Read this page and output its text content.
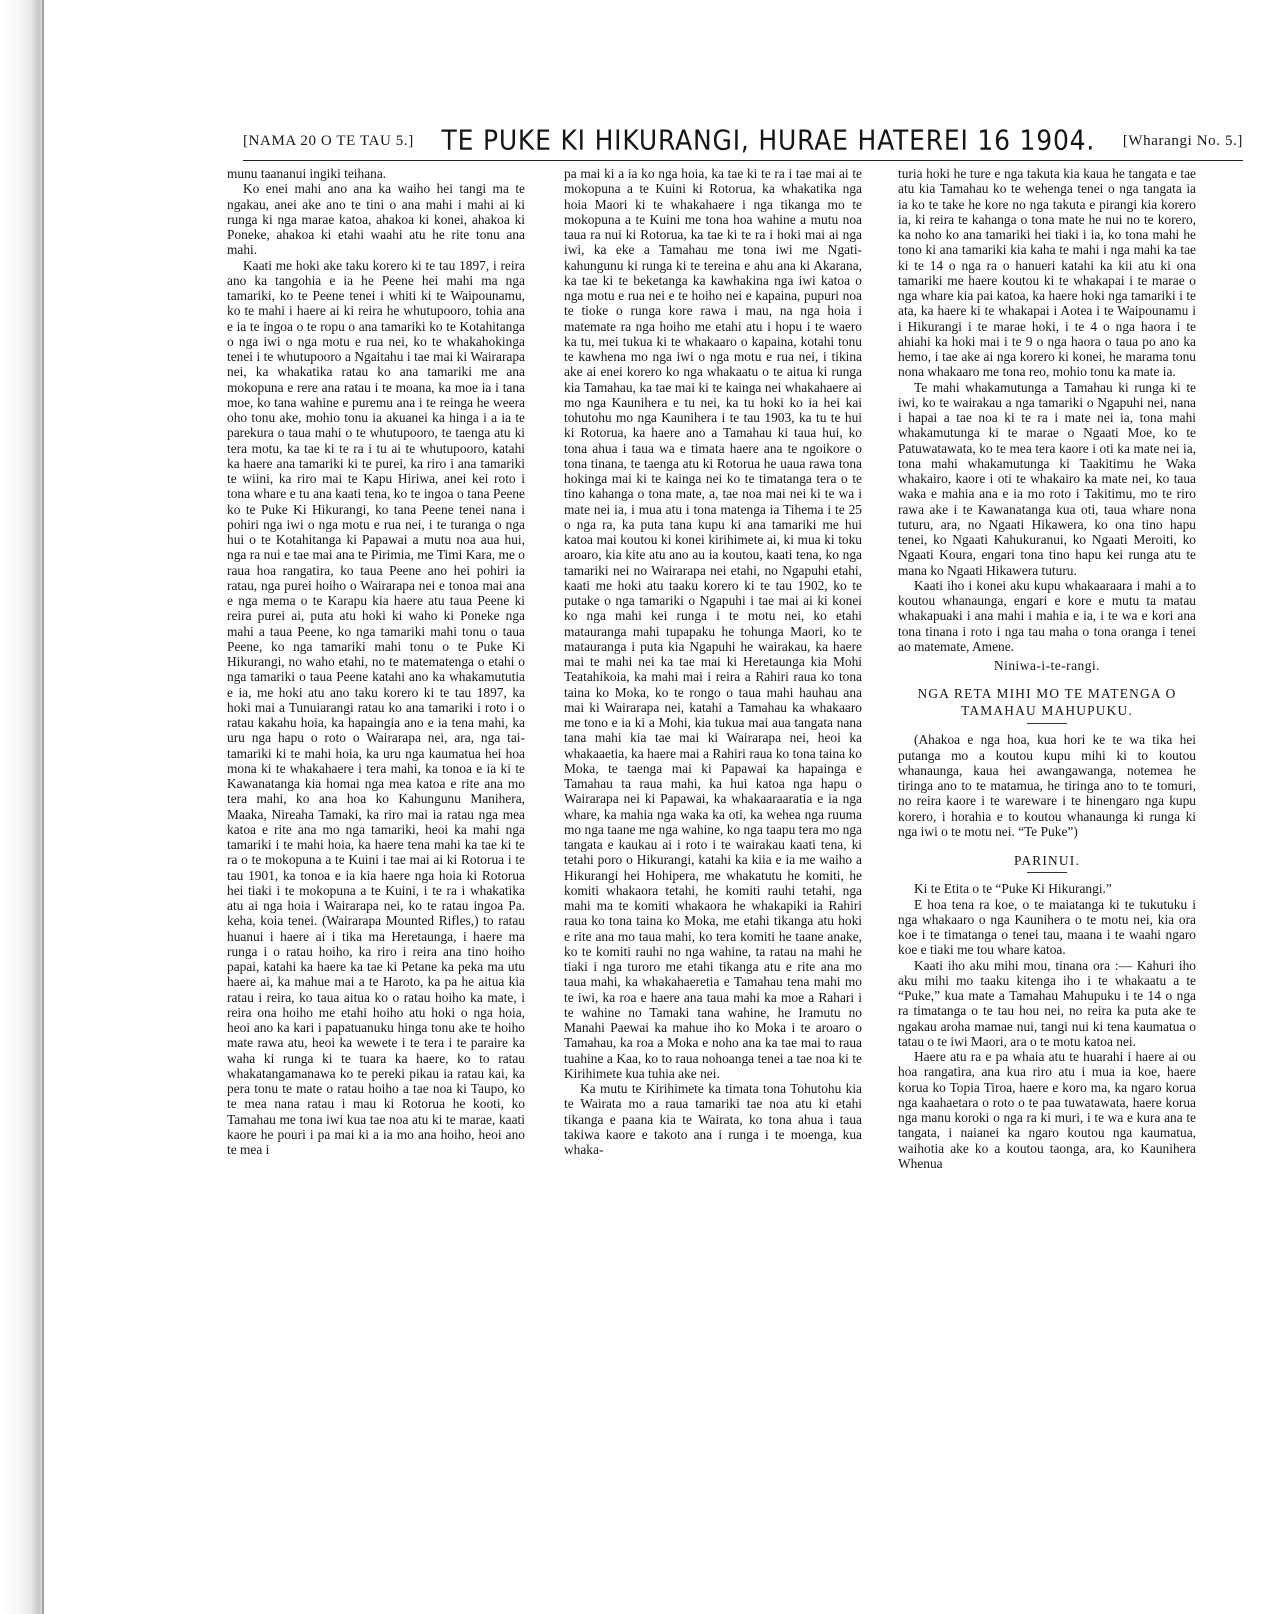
[NAMA 20 O TE TAU 5.] TE PUKE KI HIKURANGI, HURAE HATEREI 16 1904. [Wharangi No. 5.]

munu taananui ingiki teihana.

Ko enei mahi ano ana ka waiho hei tangi ma te ngakau, anei ake ano te tini o ana mahi i mahi ai ki runga ki nga marae katoa, ahakoa ki konei, ahakoa ki Poneke, ahakoa ki etahi waahi atu he rite tonu ana mahi.

Kaati me hoki ake taku korero ki te tau 1897, i reira ano ka tangohia e ia he Peene hei mahi ma nga tamariki, ko te Peene tenei i whiti ki te Waipounamu, ko te mahi i haere ai ki reira he whutupooro, tohia ana e ia te ingoa o te ropu o ana tamariki ko te Kotahitanga o nga iwi o nga motu e rua nei, ko te whakahokinga tenei i te whutupooro a Ngaitahu i tae mai ki Wairarapa nei, ka whakatika ratau ko ana tamariki me ana mokopuna e rere ana ratau i te moana, ka moe ia i tana moe, ko tana wahine e puremu ana i te reinga he weera oho tonu ake, mohio tonu ia akuanei ka hinga i a ia te parekura o taua mahi o te whutupooro, te taenga atu ki tera motu, ka tae ki te ra i tu ai te whutupooro, katahi ka haere ana tamariki ki te purei, ka riro i ana tamariki te wiini, ka riro mai te Kapu Hiriwa, anei kei roto i tona whare e tu ana kaati tena, ko te ingoa o tana Peene ko te Puke Ki Hikurangi, ko tana Peene tenei nana i pohiri nga iwi o nga motu e rua nei, i te turanga o nga hui o te Kotahitanga ki Papawai a mutu noa aua hui, nga ra nui e tae mai ana te Pirimia, me Timi Kara, me o raua hoa rangatira, ko taua Peene ano hei pohiri ia ratau, nga purei hoiho o Wairarapa nei e tonoa mai ana e nga mema o te Karapu kia haere atu taua Peene ki reira purei ai, puta atu hoki ki waho ki Poneke nga mahi a taua Peene, ko nga tamariki mahi tonu o taua Peene, ko nga tamariki mahi tonu o te Puke Ki Hikurangi, no waho etahi, no te matematenga o etahi o nga tamariki o taua Peene katahi ano ka whakamututia e ia, me hoki atu ano taku korero ki te tau 1897, ka hoki mai a Tunuiarangi ratau ko ana tamariki i roto i o ratau kakahu hoia, ka hapaingia ano e ia tena mahi, ka uru nga hapu o roto o Wairarapa nei, ara, nga tai-tamariki ki te mahi hoia, ka uru nga kaumatua hei hoa mona ki te whakahaere i tera mahi, ka tonoa e ia ki te Kawanatanga kia homai nga mea katoa e rite ana mo tera mahi, ko ana hoa ko Kahungunu Manihera, Maaka, Nireaha Tamaki, ka riro mai ia ratau nga mea katoa e rite ana mo nga tamariki, heoi ka mahi nga tamariki i te mahi hoia, ka haere tena mahi ka tae ki te ra o te mokopuna a te Kuini i tae mai ai ki Rotorua i te tau 1901, ka tonoa e ia kia haere nga hoia ki Rotorua hei tiaki i te mokopuna a te Kuini, i te ra i whakatika atu ai nga hoia i Wairarapa nei, ko te ratau ingoa Pa. keha, koia tenei. (Wairarapa Mounted Rifles,) to ratau huanui i haere ai i tika ma Heretaunga, i haere ma runga i o ratau hoiho, ka riro i reira ana tino hoiho papai, katahi ka haere ka tae ki Petane ka peka ma utu haere ai, ka mahue mai a te Haroto, ka pa he aitua kia ratau i reira, ko taua aitua ko o ratau hoiho ka mate, i reira ona hoiho me etahi hoiho atu hoki o nga hoia, heoi ano ka kari i papatuanuku hinga tonu ake te hoiho mate rawa atu, heoi ka wewete i te tera i te paraire ka waha ki runga ki te tuara ka haere, ko to ratau whakatangamanawa ko te pereki pikau ia ratau kai, ka pera tonu te mate o ratau hoiho a tae noa ki Taupo, ko te mea nana ratau i mau ki Rotorua he kooti, ko Tamahau me tona iwi kua tae noa atu ki te marae, kaati kaore he pouri i pa mai ki a ia mo ana hoiho, heoi ano te mea i

pa mai ki a ia ko nga hoia, ka tae ki te ra i tae mai ai te mokopuna a te Kuini ki Rotorua, ka whakatika nga hoia Maori ki te whakahaere i nga tikanga mo te mokopuna a te Kuini me tona hoa wahine a mutu noa taua ra nui ki Rotorua, ka tae ki te ra i hoki mai ai nga iwi, ka eke a Tamahau me tona iwi me Ngati-kahungunu ki runga ki te tereina e ahu ana ki Akarana, ka tae ki te beketanga ka kawhakina nga iwi katoa o nga motu e rua nei e te hoiho nei e kapaina, pupuri noa te tioke o runga kore rawa i mau, na nga hoia i matemate ra nga hoiho me etahi atu i hopu i te waero ka tu, mei tukua ki te whakaaro o kapaina, kotahi tonu te kawhena mo nga iwi o nga motu e rua nei, i tikina ake ai enei korero ko nga whakaatu o te aitua ki runga kia Tamahau, ka tae mai ki te kainga nei whakahaere ai mo nga Kaunihera e tu nei, ka tu hoki ko ia hei kai tohutohu mo nga Kaunihera i te tau 1903, ka tu te hui ki Rotorua, ka haere ano a Tamahau ki taua hui, ko tona ahua i taua wa e timata haere ana te ngoikore o tona tinana, te taenga atu ki Rotorua he uaua rawa tona hokinga mai ki te kainga nei ko te timatanga tera o te tino kahanga o tona mate, a, tae noa mai nei ki te wa i mate nei ia, i mua atu i tona matenga ia Tihema i te 25 o nga ra, ka puta tana kupu ki ana tamariki me hui katoa mai koutou ki konei kirihimete ai, ki mua ki toku aroaro, kia kite atu ano au ia koutou, kaati tena, ko nga tamariki nei no Wairarapa nei etahi, no Ngapuhi etahi, kaati me hoki atu taaku korero ki te tau 1902, ko te putake o nga tamariki o Ngapuhi i tae mai ai ki konei ko nga mahi kei runga i te motu nei, ko etahi matauranga mahi tupapaku he tohunga Maori, ko te matauranga i puta kia Ngapuhi he wairakau, ka haere mai te mahi nei ka tae mai ki Heretaunga kia Mohi Teatahikoia, ka mahi mai i reira a Rahiri raua ko tona taina ko Moka, ko te rongo o taua mahi hauhau ana mai ki Wairarapa nei, katahi a Tamahau ka whakaaro me tono e ia ki a Mohi, kia tukua mai aua tangata nana tana mahi kia tae mai ki Wairarapa nei, heoi ka whakaaetia, ka haere mai a Rahiri raua ko tona taina ko Moka, te taenga mai ki Papawai ka hapainga e Tamahau ta raua mahi, ka hui katoa nga hapu o Wairarapa nei ki Papawai, ka whakaaraaratia e ia nga whare, ka mahia nga waka ka oti, ka wehea nga ruuma mo nga taane me nga wahine, ko nga taapu tera mo nga tangata e kaukau ai i roto i te wairakau kaati tena, ki tetahi poro o Hikurangi, katahi ka kiia e ia me waiho a Hikurangi hei Hohipera, me whakatutu he komiti, he komiti whakaora tetahi, he komiti rauhi tetahi, nga mahi ma te komiti whakaora he whakapiki ia Rahiri raua ko tona taina ko Moka, me etahi tikanga atu hoki e rite ana mo taua mahi, ko tera komiti he taane anake, ko te komiti rauhi no nga wahine, ta ratau na mahi he tiaki i nga turoro me etahi tikanga atu e rite ana mo taua mahi, ka whakahaeretia e Tamahau tena mahi mo te iwi, ka roa e haere ana taua mahi ka moe a Rahari i te wahine no Tamaki tana wahine, he Iramutu no Manahi Paewai ka mahue iho ko Moka i te aroaro o Tamahau, ka roa a Moka e noho ana ka tae mai to raua tuahine a Kaa, ko to raua nohoanga tenei a tae noa ki te Kirihimete kua tuhia ake nei.

Ka mutu te Kirihimete ka timata tona Tohutohu kia te Wairata mo a raua tamariki tae noa atu ki etahi tikanga e paana kia te Wairata, ko tona ahua i taua takiwa kaore e takoto ana i runga i te moenga, kua whaka-

turia hoki he ture e nga takuta kia kaua he tangata e tae atu kia Tamahau ko te wehenga tenei o nga tangata ia ia ko te take he kore no nga takuta e pirangi kia korero ia, ki reira te kahanga o tona mate he nui no te korero, ka noho ko ana tamariki hei tiaki i ia, ko tona mahi he tono ki ana tamariki kia kaha te mahi i nga mahi ka tae ki te 14 o nga ra o hanueri katahi ka kii atu ki ona tamariki me haere koutou ki te whakapai i te marae o nga whare kia pai katoa, ka haere hoki nga tamariki i te ata, ka haere ki te whakapai i Aotea i te Waipounamu i i Hikurangi i te marae hoki, i te 4 o nga haora i te ahiahi ka hoki mai i te 9 o nga haora o taua po ano ka hemo, i tae ake ai nga korero ki konei, he marama tonu nona whakaaro me tona reo, mohio tonu ka mate ia.

Te mahi whakamutunga a Tamahau ki runga ki te iwi, ko te wairakau a nga tamariki o Ngapuhi nei, nana i hapai a tae noa ki te ra i mate nei ia, tona mahi whakamutunga ki te marae o Ngaati Moe, ko te Patuwatawata, ko te mea tera kaore i oti ka mate nei ia, tona mahi whakamutunga ki Taakitimu he Waka whakairo, kaore i oti te whakairo ka mate nei, ko taua waka e mahia ana e ia mo roto i Takitimu, mo te riro rawa ake i te Kawanatanga kua oti, taua whare nona tuturu, ara, no Ngaati Hikawera, ko ona tino hapu tenei, ko Ngaati Kahukuranui, ko Ngaati Meroiti, ko Ngaati Koura, engari tona tino hapu kei runga atu te mana ko Ngaati Hikawera tuturu.

Kaati iho i konei aku kupu whakaaraara i mahi a to koutou whanaunga, engari e kore e mutu ta matau whakapuaki i ana mahi i mahia e ia, i te wa e kori ana tona tinana i roto i nga tau maha o tona oranga i tenei ao matemate, Amene.

Niniwa-i-te-rangi.

NGA RETA MIHI MO TE MATENGA O TAMAHAU MAHUPUKU.

(Ahakoa e nga hoa, kua hori ke te wa tika hei putanga mo a koutou kupu mihi ki to koutou whanaunga, kaua hei awangawanga, notemea he tiringa ano to te matamua, he tiringa ano to te tomuri, no reira kaore i te wareware i te hinengaro nga kupu korero, i horahia e to koutou whanaunga ki runga ki nga iwi o te motu nei. “Te Puke”)

PARINUI.

Ki te Etita o te “Puke Ki Hikurangi.”

E hoa tena ra koe, o te maiatanga ki te tukutuku i nga whakaaro o nga Kaunihera o te motu nei, kia ora koe i te timatanga o tenei tau, maana i te waahi ngaro koe e tiaki me tou whare katoa.

Kaati iho aku mihi mou, tinana ora :— Kahuri iho aku mihi mo taaku kitenga iho i te whakaatu a te “Puke,” kua mate a Tamahau Mahupuku i te 14 o nga ra timatanga o te tau hou nei, no reira ka puta ake te ngakau aroha mamae nui, tangi nui ki tena kaumatua o tatau o te iwi Maori, ara o te motu katoa nei.

Haere atu ra e pa whaia atu te huarahi i haere ai ou hoa rangatira, ana kua riro atu i mua ia koe, haere korua ko Topia Tiroa, haere e koro ma, ka ngaro korua nga kaahaetara o roto o te paa tuwatawata, haere korua nga manu koroki o nga ra ki muri, i te wa e kura ana te tangata, i naianei ka ngaro koutou nga kaumatua, waihotia ake ko a koutou taonga, ara, ko Kaunihera Whenua
